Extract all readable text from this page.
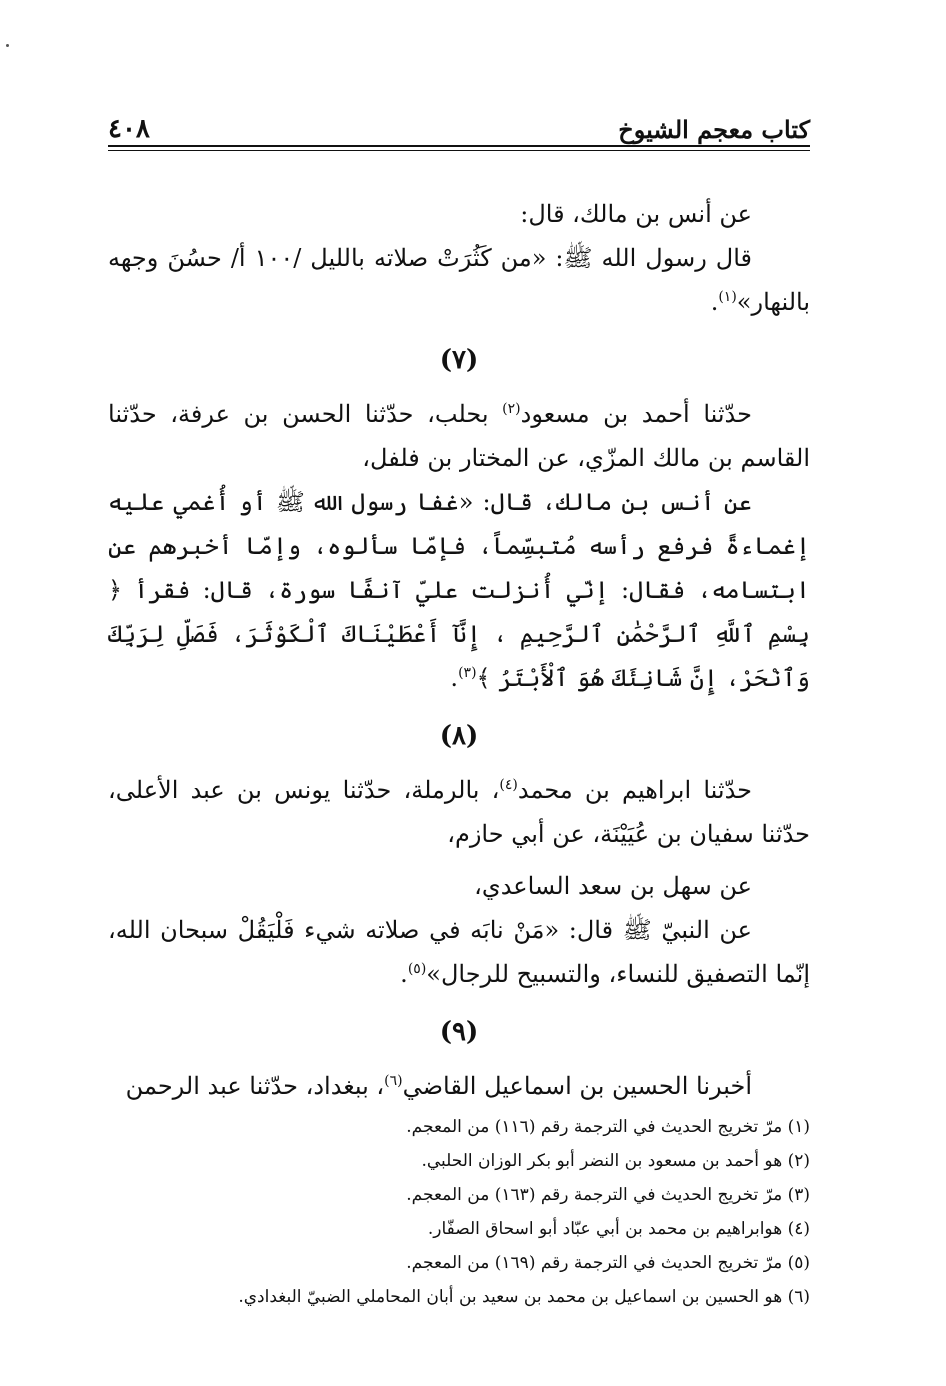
كتاب معجم الشيوخ
٤٠٨

عن أنس بن مالك، قال:

قال رسول الله ﷺ: «من كَثُرَتْ صلاته بالليل /١٠٠ أ/ حسُنَ وجهه بالنهار»$^{(١)}$.

(٧)

حدّثنا أحمد بن مسعود$^{(٢)}$ بحلب، حدّثنا الحسن بن عرفة، حدّثنا القاسم بن مالك المزّي، عن المختار بن فلفل،

عن أنس بن مالك، قال: «غفا رسول الله ﷺ أو أُغمي عليه إغماءةً فرفع رأسه مُتبسِّماً، فإمّا سألوه، وإمّا أخبرهم عن ابتسامه، فقال: إنّي أُنزلت عليّ آنفًا سورة، قال: فقرأ ﴿ بِسْمِ ٱللَّهِ ٱلرَّحْمَٰنِ ٱلرَّحِيمِ ، إِنَّآ أَعْطَيْنَاكَ ٱلْكَوْثَرَ، فَصَلِّ لِرَبِّكَ وَٱنْحَرْ، إِنَّ شَانِئَكَ هُوَ ٱلْأَبْتَرُ ﴾$^{(٣)}$.

(٨)

حدّثنا ابراهيم بن محمد$^{(٤)}$، بالرملة، حدّثنا يونس بن عبد الأعلى، حدّثنا سفيان بن عُيَيْنَة، عن أبي حازم،

عن سهل بن سعد الساعدي،

عن النبيّ ﷺ قال: «مَنْ نابَه في صلاته شيء فَلْيَقُلْ سبحان الله، إنّما التصفيق للنساء، والتسبيح للرجال»$^{(٥)}$.

(٩)

أخبرنا الحسين بن اسماعيل القاضي$^{(٦)}$، ببغداد، حدّثنا عبد الرحمن

(١) مرّ تخريج الحديث في الترجمة رقم (١١٦) من المعجم.

(٢) هو أحمد بن مسعود بن النضر أبو بكر الوزان الحلبي.

(٣) مرّ تخريج الحديث في الترجمة رقم (١٦٣) من المعجم.

(٤) هوابراهيم بن محمد بن أبي عبّاد أبو اسحاق الصفّار.

(٥) مرّ تخريج الحديث في الترجمة رقم (١٦٩) من المعجم.

(٦) هو الحسين بن اسماعيل بن محمد بن سعيد بن أبان المحاملي الضبيّ البغدادي.
